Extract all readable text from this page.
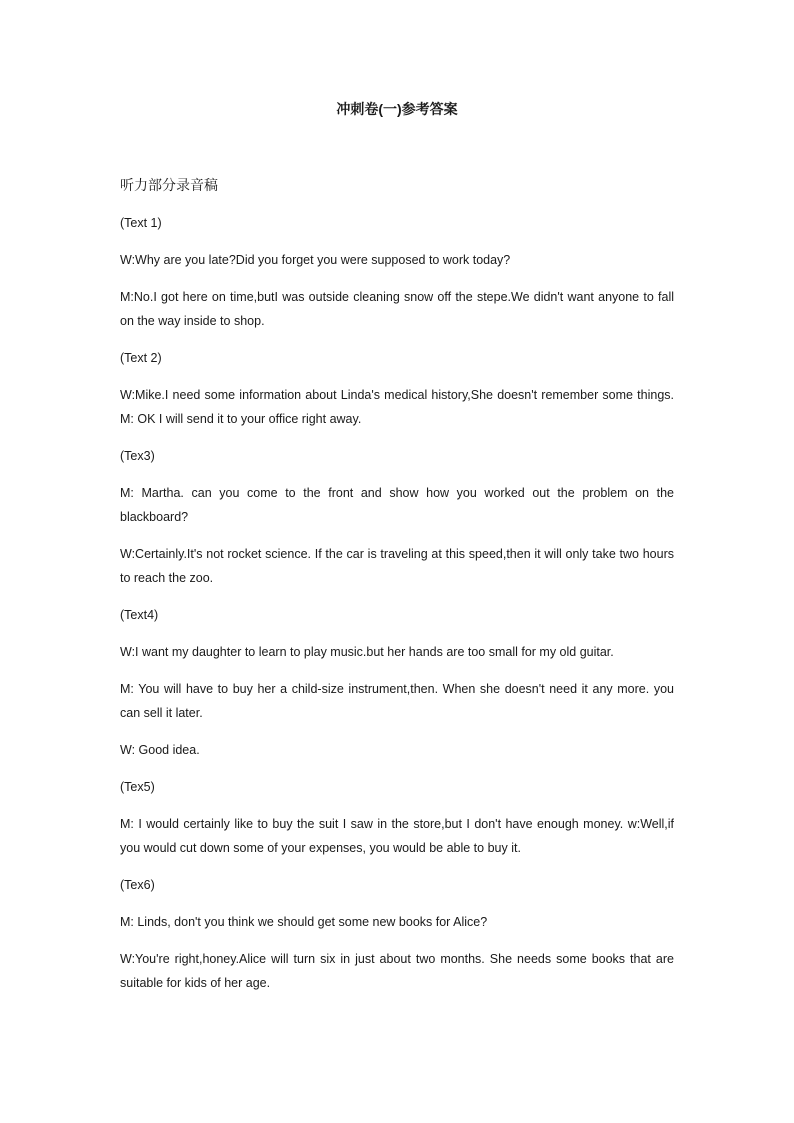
冲刺卷(一)参考答案
听力部分录音稿

(Text 1)

W:Why are you late?Did you forget you were supposed to work today?

M:No.I got here on time,butI was outside cleaning snow off the stepe.We didn't want anyone to fall on the way inside to shop.

(Text 2)

W:Mike.I need some information about Linda's medical history,She doesn't remember some things. M: OK I will send it to your office right away.

(Tex3)

M: Martha. can you come to the front and show how you worked out the problem on the blackboard?

W:Certainly.It's not rocket science. If the car is traveling at this speed,then it will only take two hours to reach the zoo.

(Text4)

W:I want my daughter to learn to play music.but her hands are too small for my old guitar.

M: You will have to buy her a child-size instrument,then. When she doesn't need it any more. you can sell it later.

W: Good idea.

(Tex5)

M: I would certainly like to buy the suit I saw in the store,but I don't have enough money. w:Well,if you would cut down some of your expenses, you would be able to buy it.

(Tex6)

M: Linds, don't you think we should get some new books for Alice?

W:You're right,honey.Alice will turn six in just about two months. She needs some books that are suitable for kids of her age.
